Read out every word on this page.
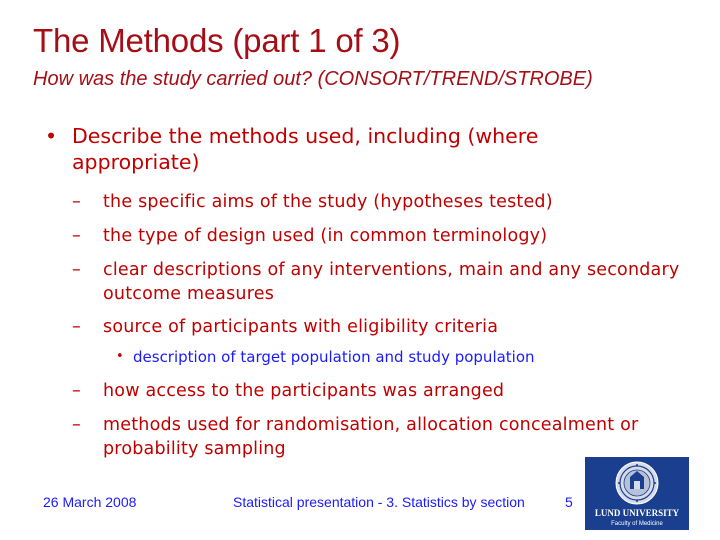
The Methods (part 1 of 3)
How was the study carried out? (CONSORT/TREND/STROBE)
• Describe the methods used, including (where appropriate)
– the specific aims of the study (hypotheses tested)
– the type of design used (in common terminology)
– clear descriptions of any interventions, main and any secondary outcome measures
– source of participants with eligibility criteria
• description of target population and study population
– how access to the participants was arranged
– methods used for randomisation, allocation concealment or probability sampling
26 March 2008	Statistical presentation - 3. Statistics by section	5
LUND UNIVERSITY
Faculty of Medicine
